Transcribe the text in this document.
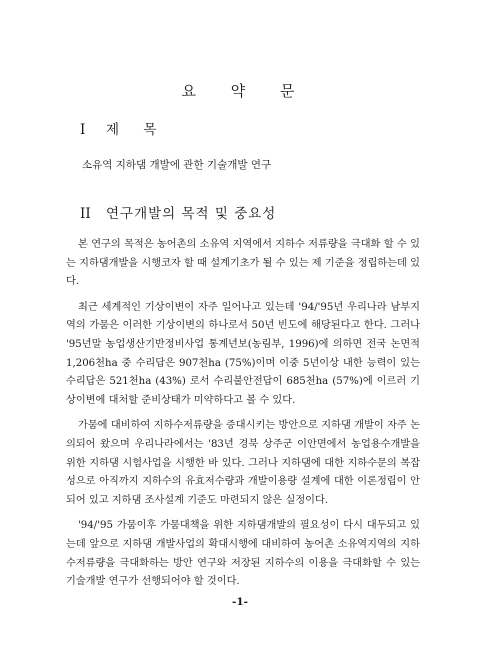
요 약 문
I	제 목
소유역 지하댐 개발에 관한 기술개발 연구
II	연구개발의 목적 및 중요성

본 연구의 목적은 농어촌의 소유역 지역에서 지하수 저류량을 극대화 할 수 있는 지하댐개발을 시행코자 할 때 설계기초가 될 수 있는 제 기준을 정립하는데 있다.

최근 세계적인 기상이변이 자주 일어나고 있는데 '94/'95년 우리나라 남부지역의 가뭄은 이러한 기상이변의 하나로서 50년 빈도에 해당된다고 한다. 그러나 '95년말 농업생산기반정비사업 통계년보(농림부, 1996)에 의하면 전국 논면적 1,206천ha 중 수리답은 907천ha (75%)이며 이중 5년이상 내한 능력이 있는 수리답은 521천ha (43%) 로서 수리불안전답이 685천ha (57%)에 이르러 기상이변에 대처할 준비상태가 미약하다고 볼 수 있다.

가뭄에 대비하여 지하수저류량을 증대시키는 방안으로 지하댐 개발이 자주 논의되어 왔으며 우리나라에서는 '83년 경북 상주군 이안면에서 농업용수개발을 위한 지하댐 시험사업을 시행한 바 있다. 그러나 지하댐에 대한 지하수문의 복잡성으로 아직까지 지하수의 유효저수량과 개발이용량 설계에 대한 이론정립이 안되어 있고 지하댐 조사설계 기준도 마련되지 않은 실정이다.

'94/'95 가뭄이후 가뭄대책을 위한 지하댐개발의 필요성이 다시 대두되고 있는데 앞으로 지하댐 개발사업의 확대시행에 대비하여 농어촌 소유역지역의 지하수저류량을 극대화하는 방안 연구와 저장된 지하수의 이용을 극대화할 수 있는 기술개발 연구가 선행되어야 할 것이다.

-1-
